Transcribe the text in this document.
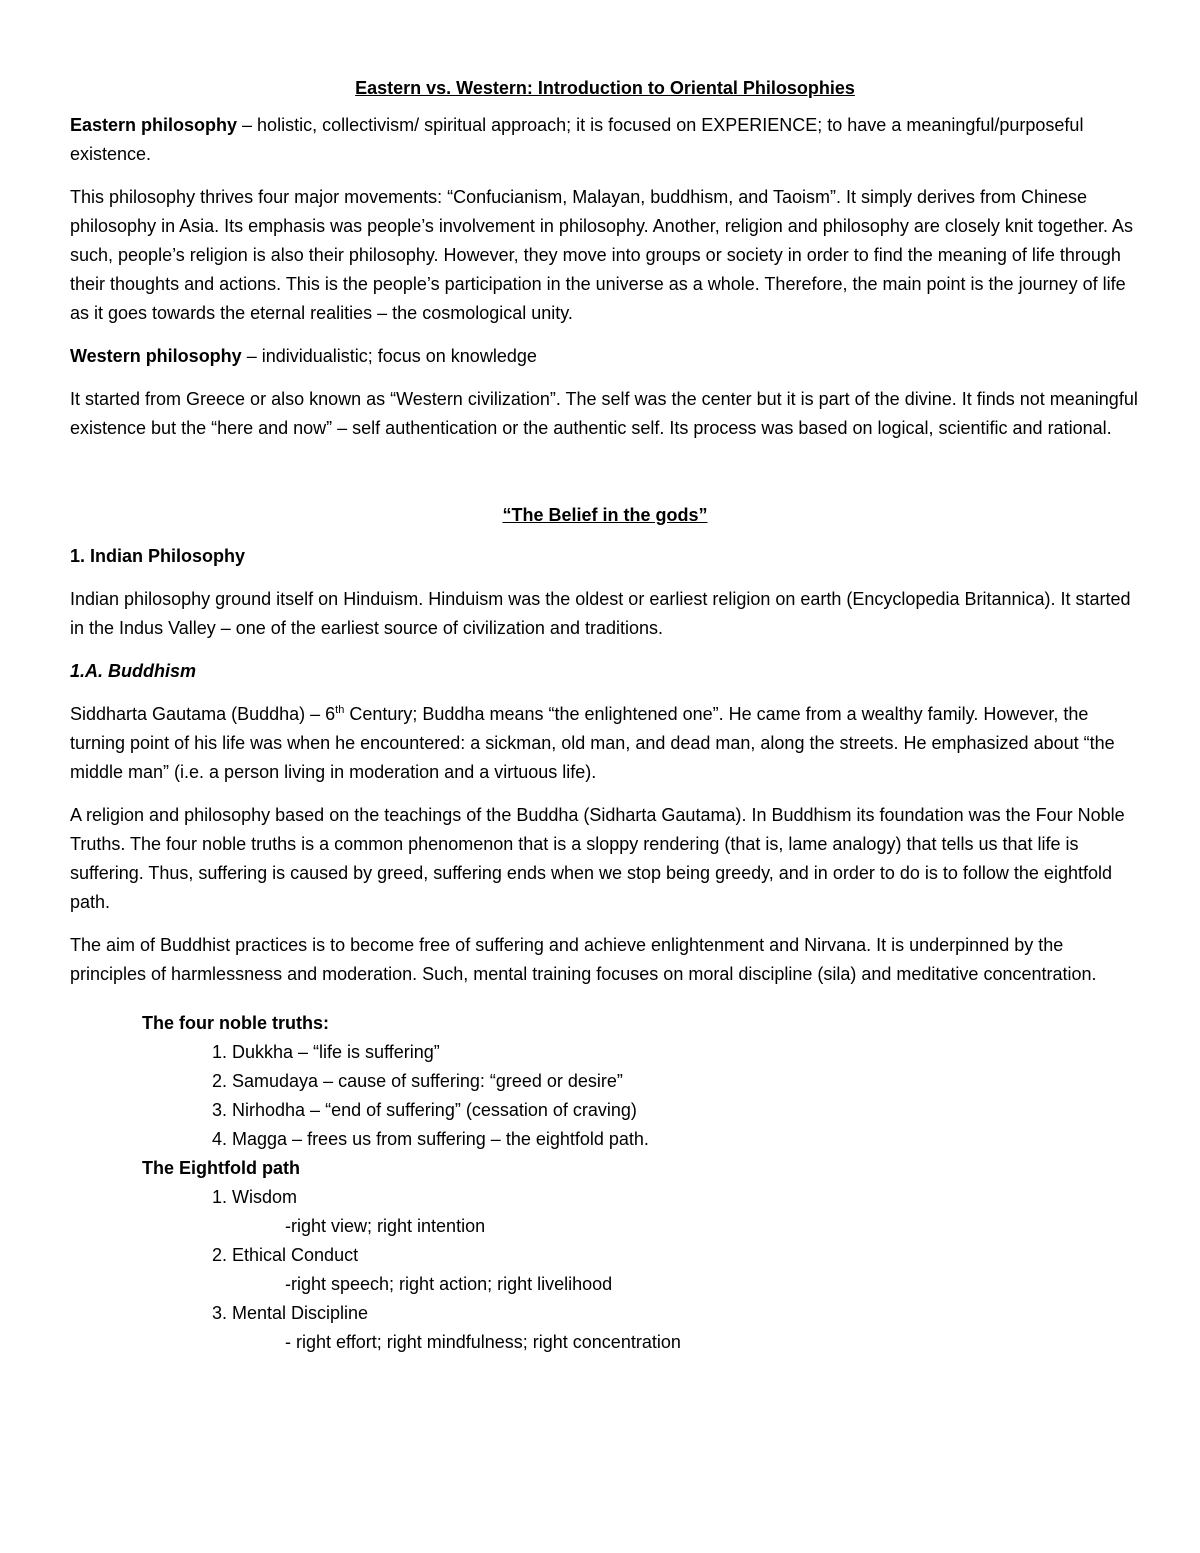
Eastern vs. Western: Introduction to Oriental Philosophies

Eastern philosophy – holistic, collectivism/ spiritual approach; it is focused on EXPERIENCE; to have a meaningful/purposeful existence.

This philosophy thrives four major movements: “Confucianism, Malayan, buddhism, and Taoism”. It simply derives from Chinese philosophy in Asia. Its emphasis was people’s involvement in philosophy. Another, religion and philosophy are closely knit together. As such, people’s religion is also their philosophy. However, they move into groups or society in order to find the meaning of life through their thoughts and actions. This is the people’s participation in the universe as a whole. Therefore, the main point is the journey of life as it goes towards the eternal realities – the cosmological unity.

Western philosophy – individualistic; focus on knowledge

It started from Greece or also known as “Western civilization”. The self was the center but it is part of the divine. It finds not meaningful existence but the “here and now” – self authentication or the authentic self. Its process was based on logical, scientific and rational.

“The Belief in the gods”

1. Indian Philosophy

Indian philosophy ground itself on Hinduism. Hinduism was the oldest or earliest religion on earth (Encyclopedia Britannica). It started in the Indus Valley – one of the earliest source of civilization and traditions.

1.A. Buddhism

Siddharta Gautama (Buddha) – 6th Century; Buddha means “the enlightened one”. He came from a wealthy family. However, the turning point of his life was when he encountered: a sickman, old man, and dead man, along the streets. He emphasized about “the middle man” (i.e. a person living in moderation and a virtuous life).

A religion and philosophy based on the teachings of the Buddha (Sidharta Gautama). In Buddhism its foundation was the Four Noble Truths. The four noble truths is a common phenomenon that is a sloppy rendering (that is, lame analogy) that tells us that life is suffering. Thus, suffering is caused by greed, suffering ends when we stop being greedy, and in order to do is to follow the eightfold path.

The aim of Buddhist practices is to become free of suffering and achieve enlightenment and Nirvana. It is underpinned by the principles of harmlessness and moderation. Such, mental training focuses on moral discipline (sila) and meditative concentration.

The four noble truths:
1. Dukkha – “life is suffering”
2. Samudaya – cause of suffering: “greed or desire”
3. Nirhodha – “end of suffering” (cessation of craving)
4. Magga – frees us from suffering – the eightfold path.
The Eightfold path
1. Wisdom
-right view; right intention
2. Ethical Conduct
-right speech; right action; right livelihood
3. Mental Discipline
- right effort; right mindfulness; right concentration
